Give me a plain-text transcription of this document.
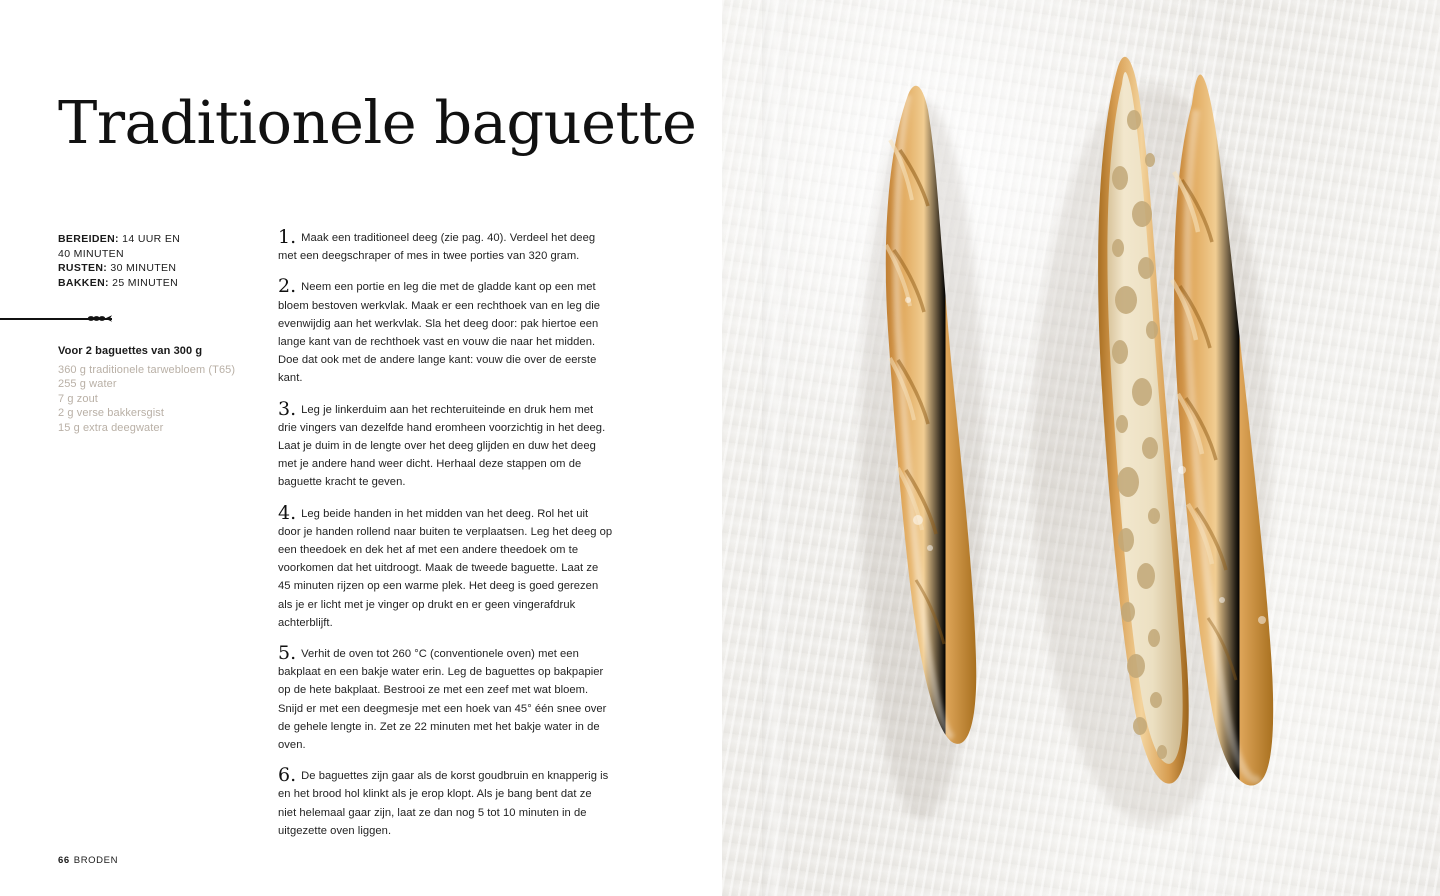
Traditionele baguette
BEREIDEN: 14 UUR EN
40 MINUTEN
RUSTEN: 30 MINUTEN
BAKKEN: 25 MINUTEN
Voor 2 baguettes van 300 g
360 g traditionele tarwebloem (T65)
255 g water
7 g zout
2 g verse bakkersgist
15 g extra deegwater

1. Maak een traditioneel deeg (zie pag. 40). Verdeel het deeg met een deegschraper of mes in twee porties van 320 gram.

2. Neem een portie en leg die met de gladde kant op een met bloem bestoven werkvlak. Maak er een rechthoek van en leg die evenwijdig aan het werkvlak. Sla het deeg door: pak hiertoe een lange kant van de rechthoek vast en vouw die naar het midden. Doe dat ook met de andere lange kant: vouw die over de eerste kant.

3. Leg je linkerduim aan het rechteruiteinde en druk hem met drie vingers van dezelfde hand eromheen voorzichtig in het deeg. Laat je duim in de lengte over het deeg glijden en duw het deeg met je andere hand weer dicht. Herhaal deze stappen om de baguette kracht te geven.

4. Leg beide handen in het midden van het deeg. Rol het uit door je handen rollend naar buiten te verplaatsen. Leg het deeg op een theedoek en dek het af met een andere theedoek om te voorkomen dat het uitdroogt. Maak de tweede baguette. Laat ze 45 minuten rijzen op een warme plek. Het deeg is goed gerezen als je er licht met je vinger op drukt en er geen vingerafdruk achterblijft.

5. Verhit de oven tot 260 °C (conventionele oven) met een bakplaat en een bakje water erin. Leg de baguettes op bakpapier op de hete bakplaat. Bestrooi ze met een zeef met wat bloem. Snijd er met een deegmesje met een hoek van 45° één snee over de gehele lengte in. Zet ze 22 minuten met het bakje water in de oven.

6. De baguettes zijn gaar als de korst goudbruin en knapperig is en het brood hol klinkt als je erop klopt. Als je bang bent dat ze niet helemaal gaar zijn, laat ze dan nog 5 tot 10 minuten in de uitgezette oven liggen.

66 BRODEN
